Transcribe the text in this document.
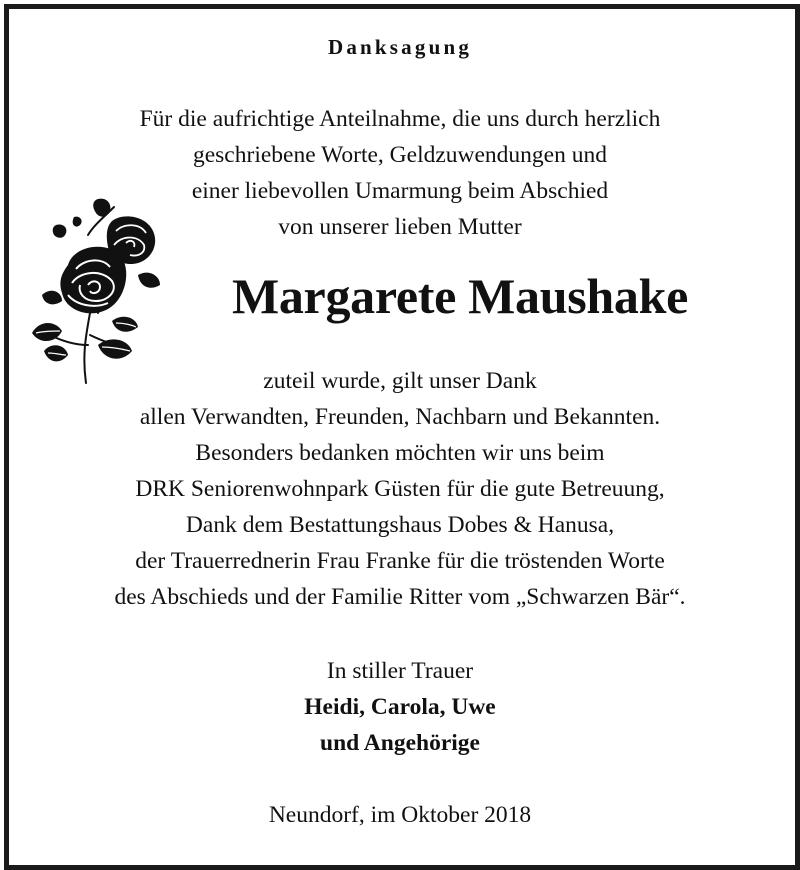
Danksagung
Für die aufrichtige Anteilnahme, die uns durch herzlich
geschriebene Worte, Geldzuwendungen und
einer liebevollen Umarmung beim Abschied
von unserer lieben Mutter
Margarete Maushake
zuteil wurde, gilt unser Dank
allen Verwandten, Freunden, Nachbarn und Bekannten.
Besonders bedanken möchten wir uns beim
DRK Seniorenwohnpark Güsten für die gute Betreuung,
Dank dem Bestattungshaus Dobes & Hanusa,
der Trauerrednerin Frau Franke für die tröstenden Worte
des Abschieds und der Familie Ritter vom „Schwarzen Bär“.
In stiller Trauer
Heidi, Carola, Uwe
und Angehörige
Neundorf, im Oktober 2018
